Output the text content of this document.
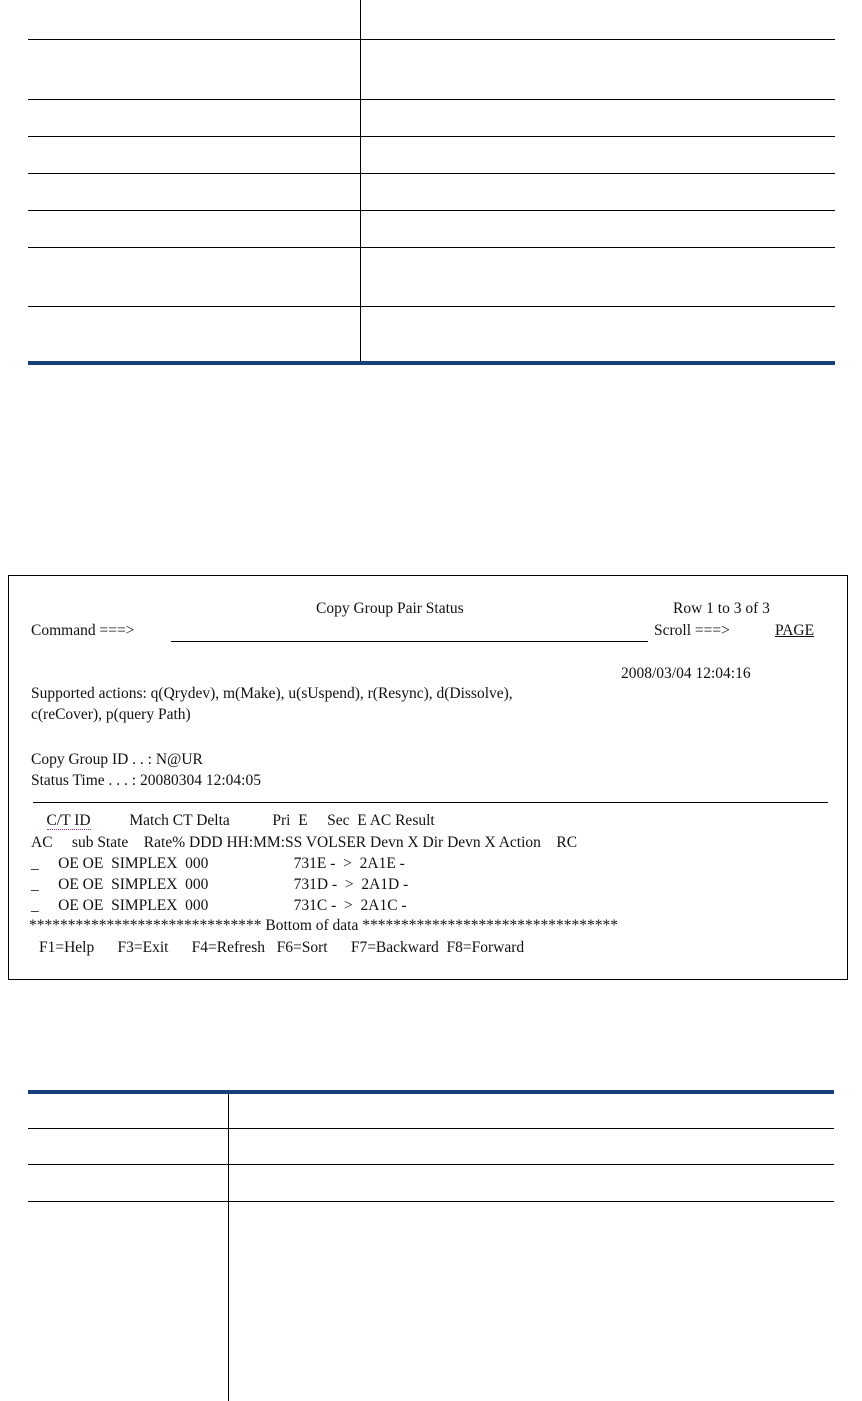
Copy Group Pair Status	Row 1 to 3 of 3
Command ===>	Scroll ===>	PAGE
2008/03/04 12:04:16
Supported actions: q(Qrydev), m(Make), u(sUspend), r(Resync), d(Dissolve),
c(reCover), p(query Path)
Copy Group ID . . : N@UR
Status Time . . . : 20080304 12:04:05
C/T ID          Match CT Delta           Pri  E     Sec  E AC Result
AC     sub State    Rate% DDD HH:MM:SS VOLSER Devn X Dir Devn X Action    RC
_     OE OE  SIMPLEX  000                      731E -  >  2A1E -
_     OE OE  SIMPLEX  000                      731D -  >  2A1D -
_     OE OE  SIMPLEX  000                      731C -  >  2A1C -
****************************** Bottom of data *********************************
F1=Help      F3=Exit      F4=Refresh   F6=Sort      F7=Backward  F8=Forward
